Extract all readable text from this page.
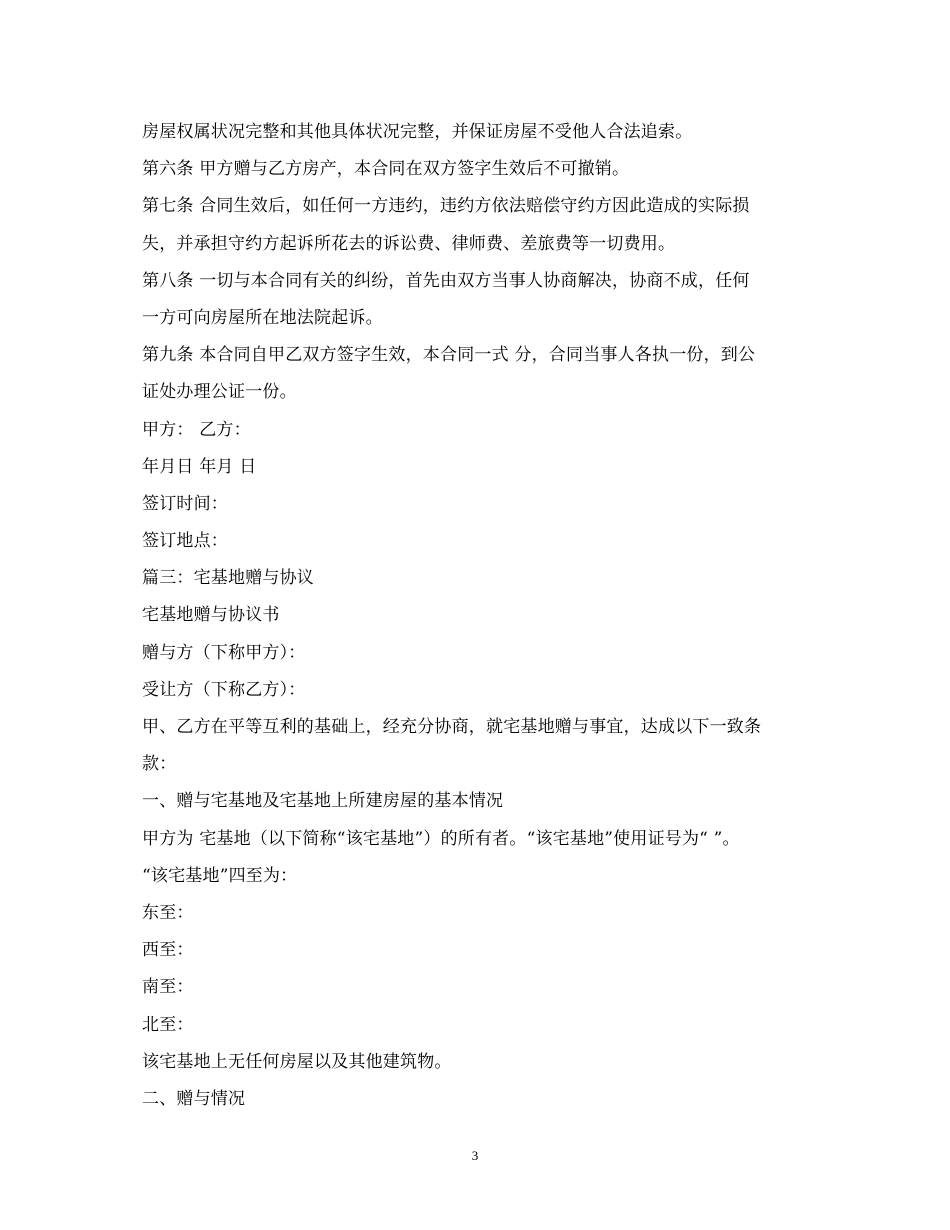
房屋权属状况完整和其他具体状况完整，并保证房屋不受他人合法追索。
第六条 甲方赠与乙方房产，本合同在双方签字生效后不可撤销。
第七条 合同生效后，如任何一方违约，违约方依法赔偿守约方因此造成的实际损
失，并承担守约方起诉所花去的诉讼费、律师费、差旅费等一切费用。
第八条 一切与本合同有关的纠纷，首先由双方当事人协商解决，协商不成，任何
一方可向房屋所在地法院起诉。
第九条 本合同自甲乙双方签字生效，本合同一式 分，合同当事人各执一份，到公
证处办理公证一份。
甲方： 乙方：
年月日 年月 日
签订时间：
签订地点：
篇三：宅基地赠与协议
宅基地赠与协议书
赠与方（下称甲方）：
受让方（下称乙方）：
甲、乙方在平等互利的基础上，经充分协商，就宅基地赠与事宜，达成以下一致条
款：
一、赠与宅基地及宅基地上所建房屋的基本情况
甲方为 宅基地（以下简称“该宅基地”）的所有者。“该宅基地”使用证号为“ ”。
“该宅基地”四至为：
东至：
西至：
南至：
北至：
该宅基地上无任何房屋以及其他建筑物。
二、赠与情况
3
